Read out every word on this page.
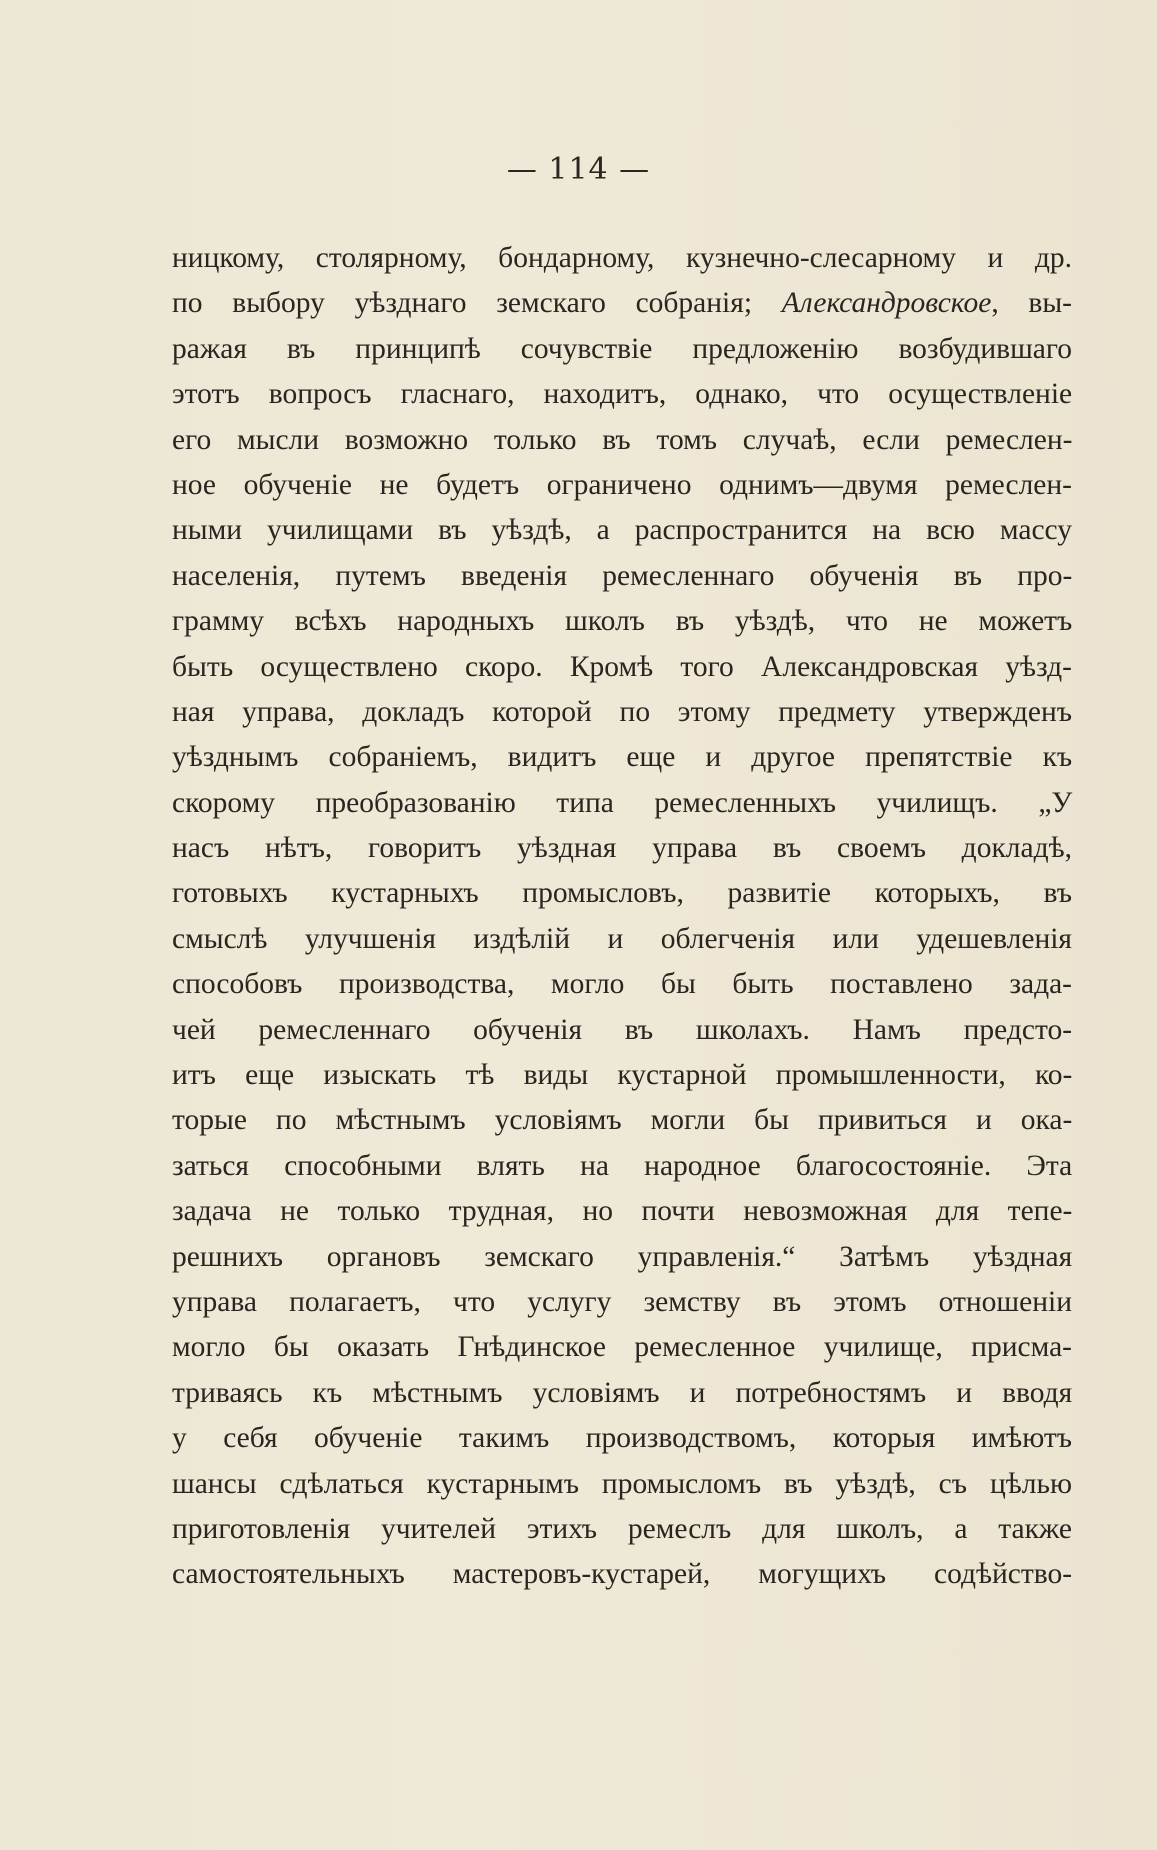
— 114 —
ницкому, столярному, бондарному, кузнечно-слесарному и др.
по выбору уѣзднаго земскаго собранія; Александровское, вы-
ражая въ принципѣ сочувствіе предложенію возбудившаго
этотъ вопросъ гласнаго, находитъ, однако, что осуществленіе
его мысли возможно только въ томъ случаѣ, если ремеслен-
ное обученіе не будетъ ограничено однимъ—двумя ремеслен-
ными училищами въ уѣздѣ, а распространится на всю массу
населенія, путемъ введенія ремесленнаго обученія въ про-
грамму всѣхъ народныхъ школъ въ уѣздѣ, что не можетъ
быть осуществлено скоро. Кромѣ того Александровская уѣзд-
ная управа, докладъ которой по этому предмету утвержденъ
уѣзднымъ собраніемъ, видитъ еще и другое препятствіе къ
скорому преобразованію типа ремесленныхъ училищъ. „У
насъ нѣтъ, говоритъ уѣздная управа въ своемъ докладѣ,
готовыхъ кустарныхъ промысловъ, развитіе которыхъ, въ
смыслѣ улучшенія издѣлій и облегченія или удешевленія
способовъ производства, могло бы быть поставлено зада-
чей ремесленнаго обученія въ школахъ. Намъ предсто-
итъ еще изыскать тѣ виды кустарной промышленности, ко-
торые по мѣстнымъ условіямъ могли бы привиться и ока-
заться способными влять на народное благосостояніе. Эта
задача не только трудная, но почти невозможная для тепе-
решнихъ органовъ земскаго управленія.“ Затѣмъ уѣздная
управа полагаетъ, что услугу земству въ этомъ отношеніи
могло бы оказать Гнѣдинское ремесленное училище, присма-
триваясь къ мѣстнымъ условіямъ и потребностямъ и вводя
у себя обученіе такимъ производствомъ, которыя имѣютъ
шансы сдѣлаться кустарнымъ промысломъ въ уѣздѣ, съ цѣлью
приготовленія учителей этихъ ремеслъ для школъ, а также
самостоятельныхъ мастеровъ-кустарей, могущихъ содѣйство-
